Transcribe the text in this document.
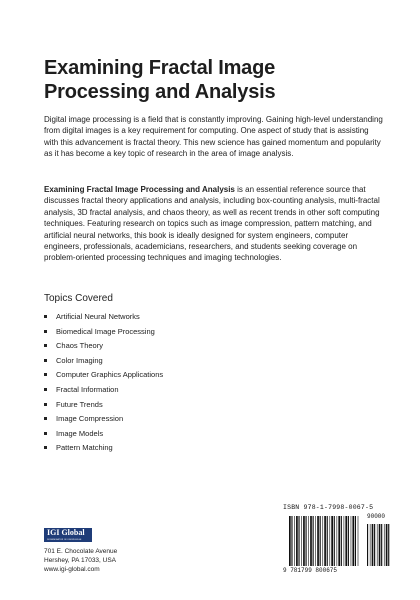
Examining Fractal Image
Processing and Analysis

Digital image processing is a field that is constantly improving. Gaining high-level understanding from digital images is a key requirement for computing. One aspect of study that is assisting with this advancement is fractal theory. This new science has gained momentum and popularity as it has become a key topic of research in the area of image analysis.

Examining Fractal Image Processing and Analysis is an essential reference source that discusses fractal theory applications and analysis, including box-counting analysis, multi-fractal analysis, 3D fractal analysis, and chaos theory, as well as recent trends in other soft computing techniques. Featuring research on topics such as image compression, pattern matching, and artificial neural networks, this book is ideally designed for system engineers, computer engineers, professionals, academicians, researchers, and students seeking coverage on problem-oriented processing techniques and imaging technologies.

Topics Covered
Artificial Neural Networks
Biomedical Image Processing
Chaos Theory
Color Imaging
Computer Graphics Applications
Fractal Information
Future Trends
Image Compression
Image Models
Pattern Matching
IGI Global
DISSEMINATOR OF KNOWLEDGE

701 E. Chocolate Avenue
Hershey, PA 17033, USA
www.igi-global.com

ISBN 978-1-7998-0067-5
9 781799 800675
90000
